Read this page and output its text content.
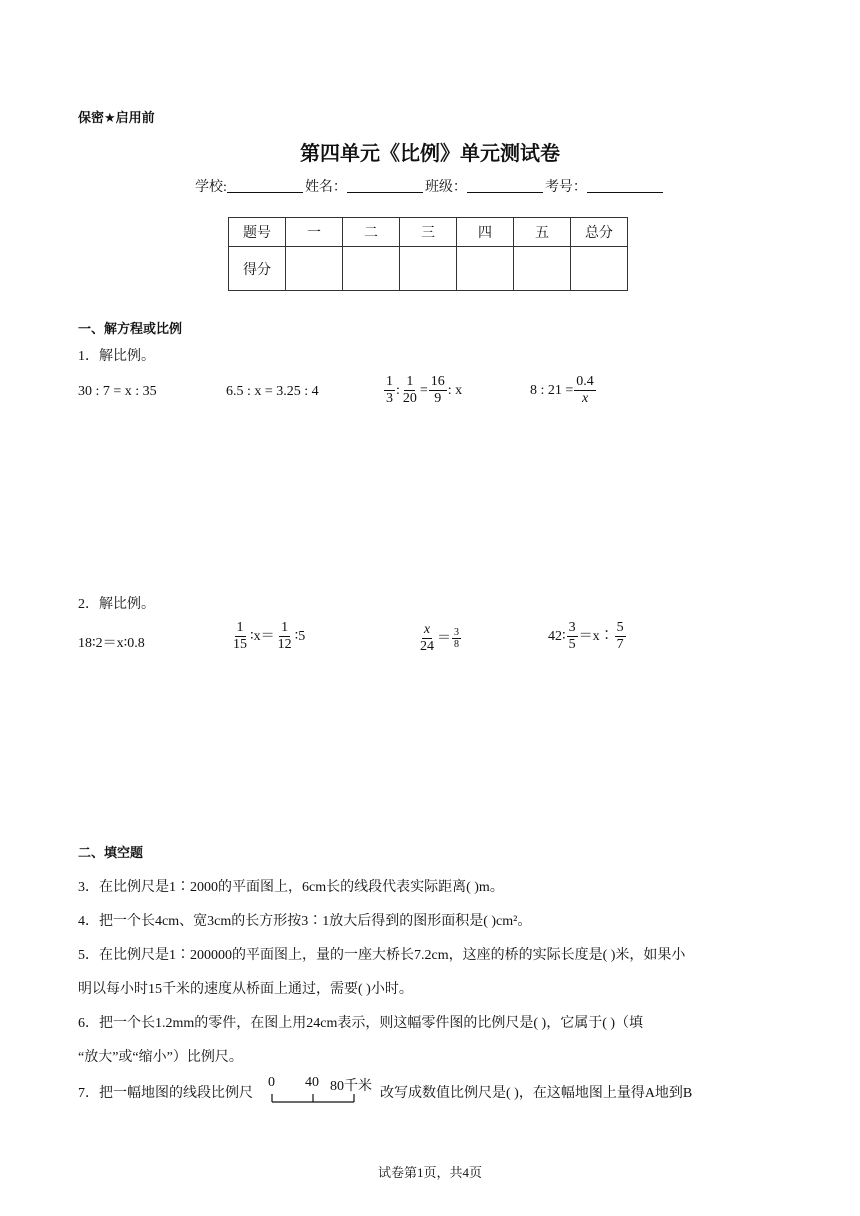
保密★启用前
第四单元《比例》单元测试卷
学校:	姓名：	班级：	考号：
题号	一	二	三	四	五	总分
得分						
一、解方程或比例
1．解比例。
30 : 7 = x : 35	6.5 : x = 3.25 : 4	$\frac{1}{3}$ : $\frac{1}{20} = \frac{16}{9}$ : x	8 : $21 = \frac{0.4}{x}$
2．解比例。
18∶2＝x∶0.8	$\frac{1}{15}$ ∶x＝ $\frac{1}{12}$ ∶5	$\frac{x}{24} = \frac{3}{8}$	42∶ $\frac{3}{5}$ ＝x∶ $\frac{5}{7}$
二、填空题
3．在比例尺是1∶2000的平面图上，6cm长的线段代表实际距离( )m。
4．把一个长4cm、宽3cm的长方形按3∶1放大后得到的图形面积是( )cm²。
5．在比例尺是1∶200000的平面图上，量的一座大桥长7.2cm，这座的桥的实际长度是( )米，如果小
明以每小时15千米的速度从桥面上通过，需要( )小时。
6．把一个长1.2mm的零件，在图上用24cm表示，则这幅零件图的比例尺是( )，它属于( )（填
“放大”或“缩小”）比例尺。
7．把一幅地图的线段比例尺
0 40 80千米 改写成数值比例尺是( )，在这幅地图上量得A地到B
试卷第1页，共4页
